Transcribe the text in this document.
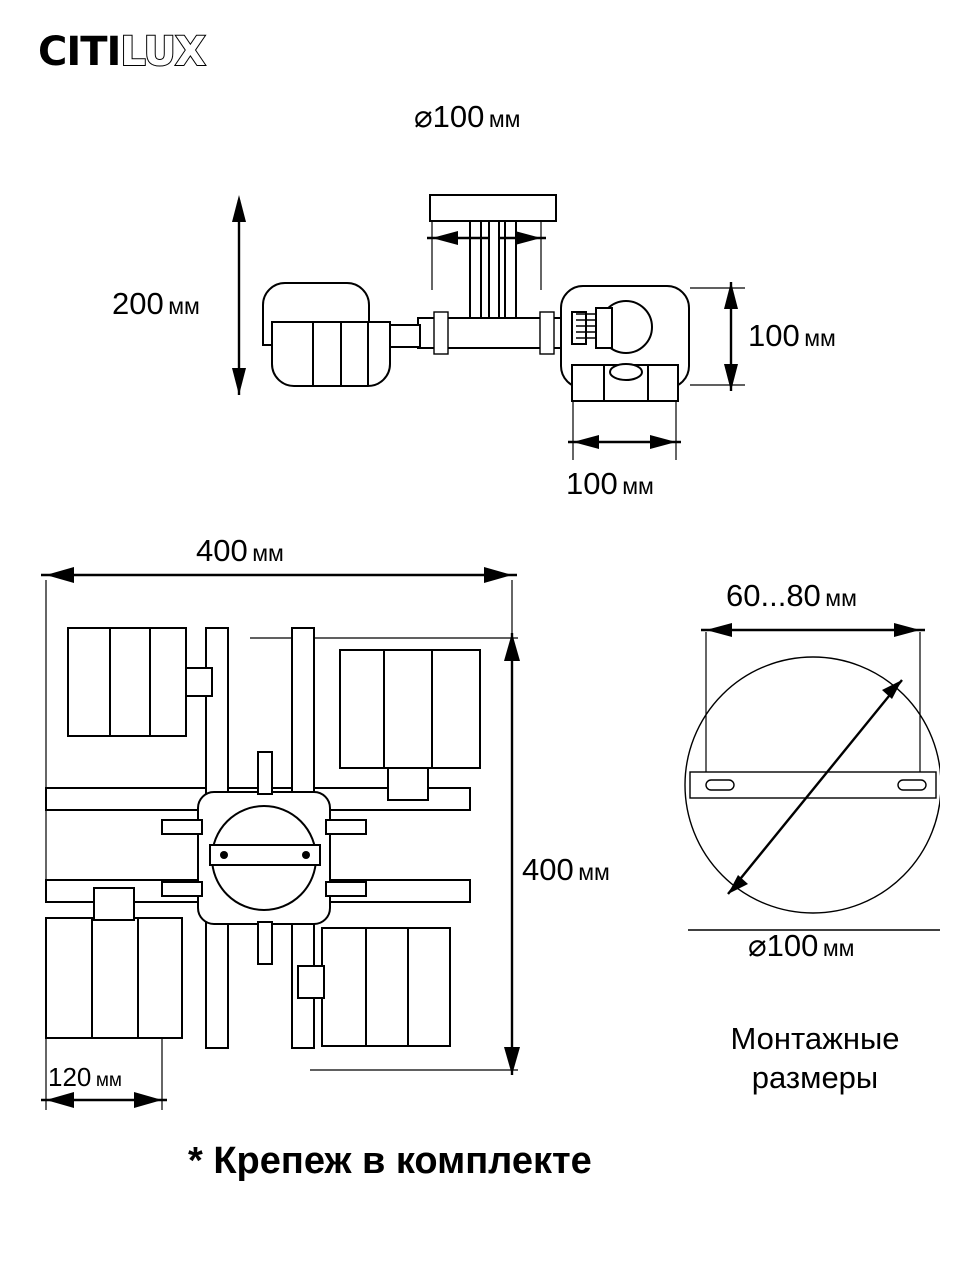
CITILUX
⌀100 мм
200 мм
100 мм
100 мм
400 мм
400 мм
120 мм
60...80 мм
⌀100 мм
Монтажные
размеры
* Крепеж в комплекте
